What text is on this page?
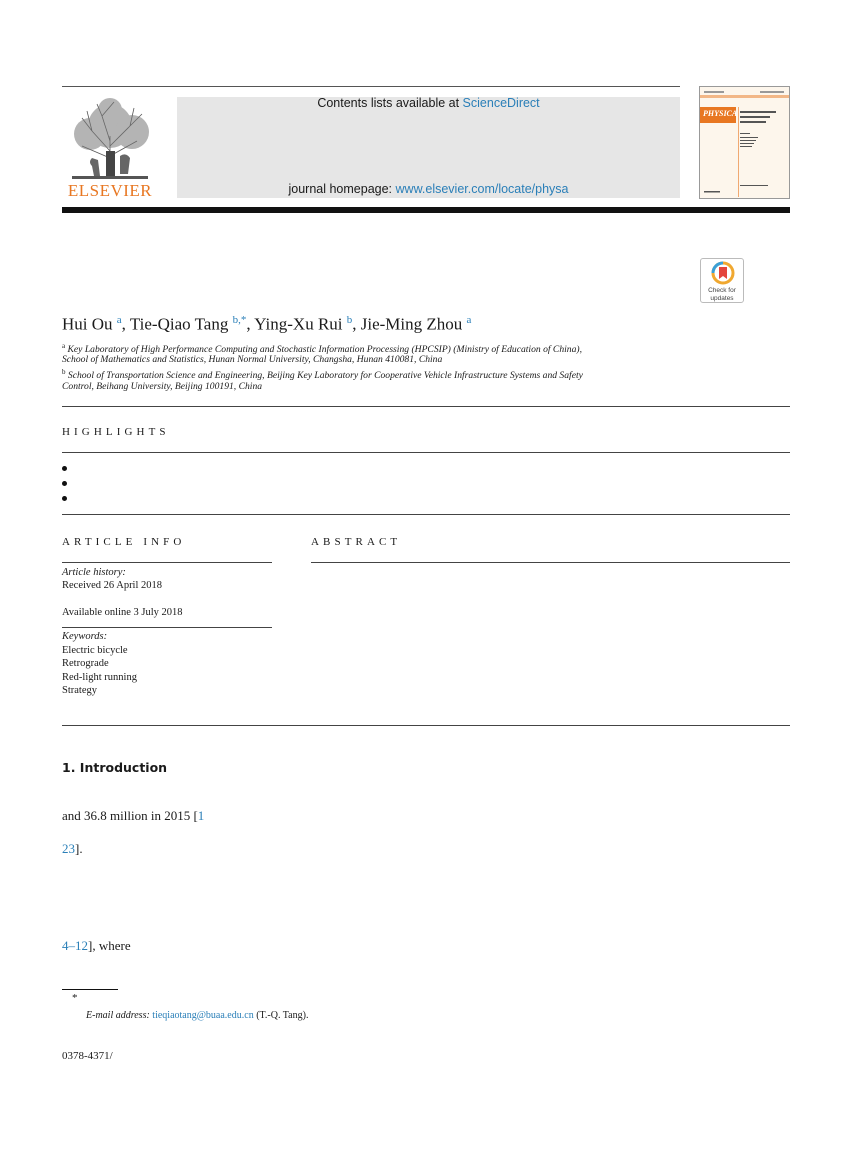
Contents lists available at ScienceDirect
journal homepage: www.elsevier.com/locate/physa
ELSEVIER
PHYSICA
Check for
updates
Hui Ou $^a$, Tie-Qiao Tang $^{b,*}$, Ying-Xu Rui $^b$, Jie-Ming Zhou $^a$
$^a$ Key Laboratory of High Performance Computing and Stochastic Information Processing (HPCSIP) (Ministry of Education of China),
School of Mathematics and Statistics, Hunan Normal University, Changsha, Hunan 410081, China
$^b$ School of Transportation Science and Engineering, Beijing Key Laboratory for Cooperative Vehicle Infrastructure Systems and Safety
Control, Beihang University, Beijing 100191, China
HIGHLIGHTS
ARTICLE INFO	ABSTRACT
Article history:
Received 26 April 2018
Available online 3 July 2018
Keywords:
Electric bicycle
Retrograde
Red-light running
Strategy
1. Introduction
and 36.8 million in 2015 [1
23].
4–12], where
*
E-mail address: tieqiaotang@buaa.edu.cn (T.-Q. Tang).
0378-4371/
